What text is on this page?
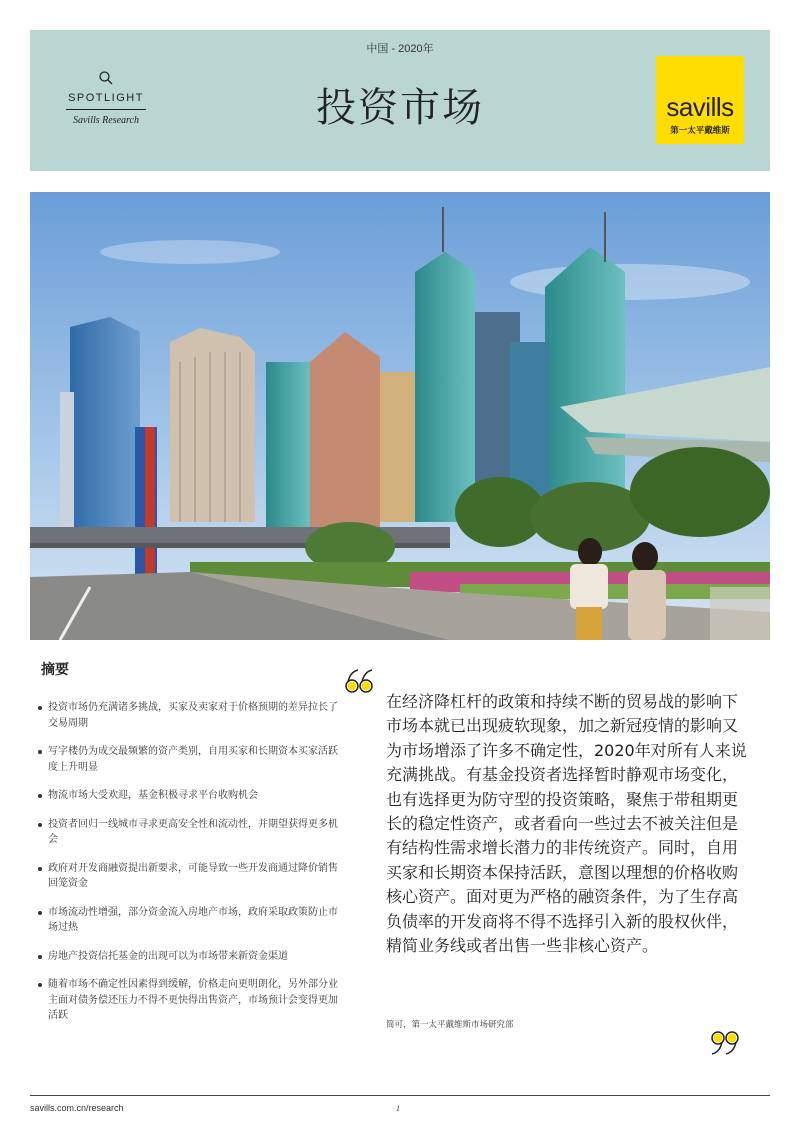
中国 - 2020年
投资市场
SPOTLIGHT
Savills Research	savills
第一太平戴维斯
摘要
投资市场仍充满诸多挑战，买家及卖家对于价格预期的差异拉长了交易周期
写字楼仍为成交最频繁的资产类别，自用买家和长期资本买家活跃度上升明显
物流市场大受欢迎，基金积极寻求平台收购机会
投资者回归一线城市寻求更高安全性和流动性，并期望获得更多机会
政府对开发商融资提出新要求，可能导致一些开发商通过降价销售回笼资金
市场流动性增强，部分资金流入房地产市场，政府采取政策防止市场过热
房地产投资信托基金的出现可以为市场带来新资金渠道
随着市场不确定性因素得到缓解，价格走向更明朗化，另外部分业主面对债务偿还压力不得不更快得出售资产，市场预计会变得更加活跃
在经济降杠杆的政策和持续不断的贸易战的影响下市场本就已出现疲软现象，加之新冠疫情的影响又为市场增添了许多不确定性，2020年对所有人来说充满挑战。有基金投资者选择暂时静观市场变化，也有选择更为防守型的投资策略，聚焦于带租期更长的稳定性资产，或者看向一些过去不被关注但是有结构性需求增长潜力的非传统资产。同时，自用买家和长期资本保持活跃，意图以理想的价格收购核心资产。面对更为严格的融资条件，为了生存高负债率的开发商将不得不选择引入新的股权伙伴，精简业务线或者出售一些非核心资产。
简可，第一太平戴维斯市场研究部
savills.com.cn/research	1
